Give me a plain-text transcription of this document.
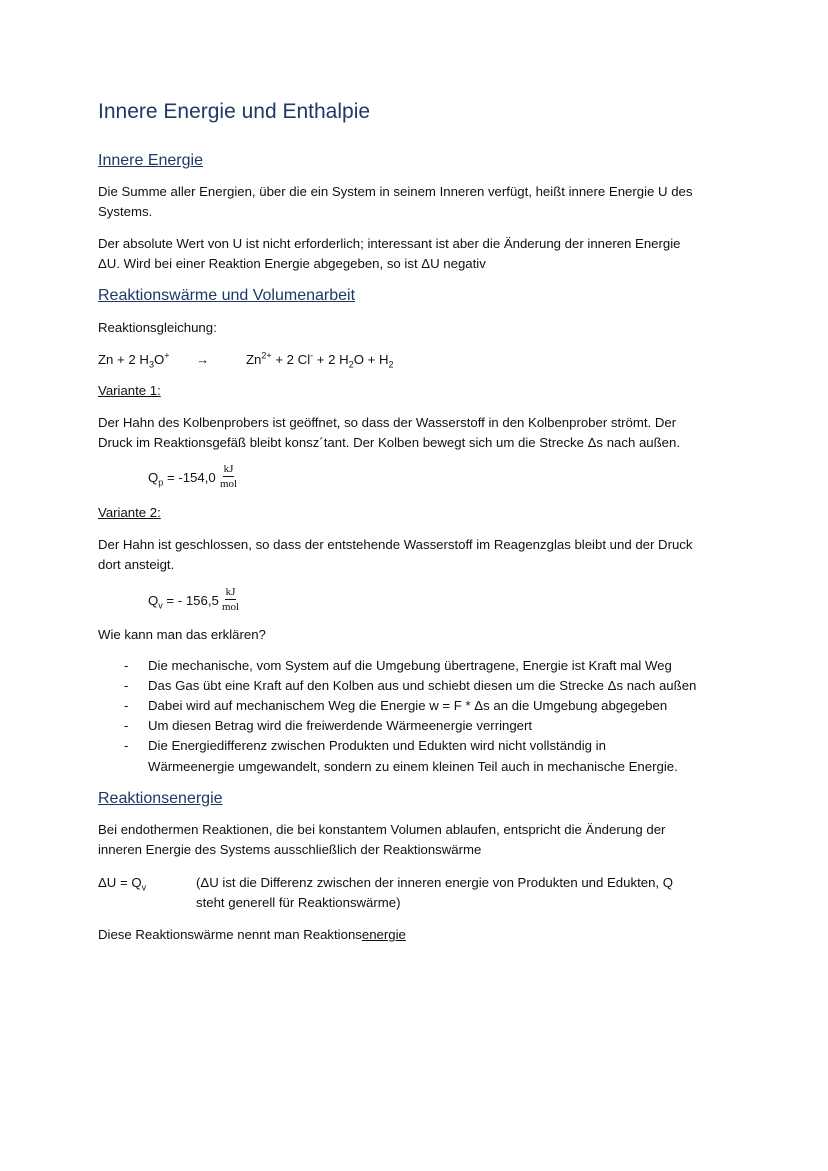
Innere Energie und Enthalpie
Innere Energie
Die Summe aller Energien, über die ein System in seinem Inneren verfügt, heißt innere Energie U des
Systems.
Der absolute Wert von U ist nicht erforderlich; interessant ist aber die Änderung der inneren Energie
ΔU. Wird bei einer Reaktion Energie abgegeben, so ist ΔU negativ
Reaktionswärme und Volumenarbeit
Reaktionsgleichung:
Zn + 2 $H_3O^+$ →	$Zn^{2+} + 2$ Cl- + 2 $H_2O + H_2$
Variante 1:
Der Hahn des Kolbenprobers ist geöffnet, so dass der Wasserstoff in den Kolbenprober strömt. Der
Druck im Reaktionsgefäß bleibt konsz´tant. Der Kolben bewegt sich um die Strecke Δs nach außen.
$Q_p = -154,0$
kJ
mol
Variante 2:
Der Hahn ist geschlossen, so dass der entstehende Wasserstoff im Reagenzglas bleibt und der Druck
dort ansteigt.
$Q_v$ = - 156,5
kJ
mol
Wie kann man das erklären?
- Die mechanische, vom System auf die Umgebung übertragene, Energie ist Kraft mal Weg
- Das Gas übt eine Kraft auf den Kolben aus und schiebt diesen um die Strecke Δs nach außen
- Dabei wird auf mechanischem Weg die Energie w = F * Δs an die Umgebung abgegeben
- Um diesen Betrag wird die freiwerdende Wärmeenergie verringert
- Die Energiedifferenz zwischen Produkten und Edukten wird nicht vollständig in
Wärmeenergie umgewandelt, sondern zu einem kleinen Teil auch in mechanische Energie.
Reaktionsenergie
Bei endothermen Reaktionen, die bei konstantem Volumen ablaufen, entspricht die Änderung der
inneren Energie des Systems ausschließlich der Reaktionswärme
$\Delta U = Q_v$	(ΔU ist die Differenz zwischen der inneren energie von Produkten und Edukten, Q
steht generell für Reaktionswärme)
Diese Reaktionswärme nennt man Reaktionsenergie
